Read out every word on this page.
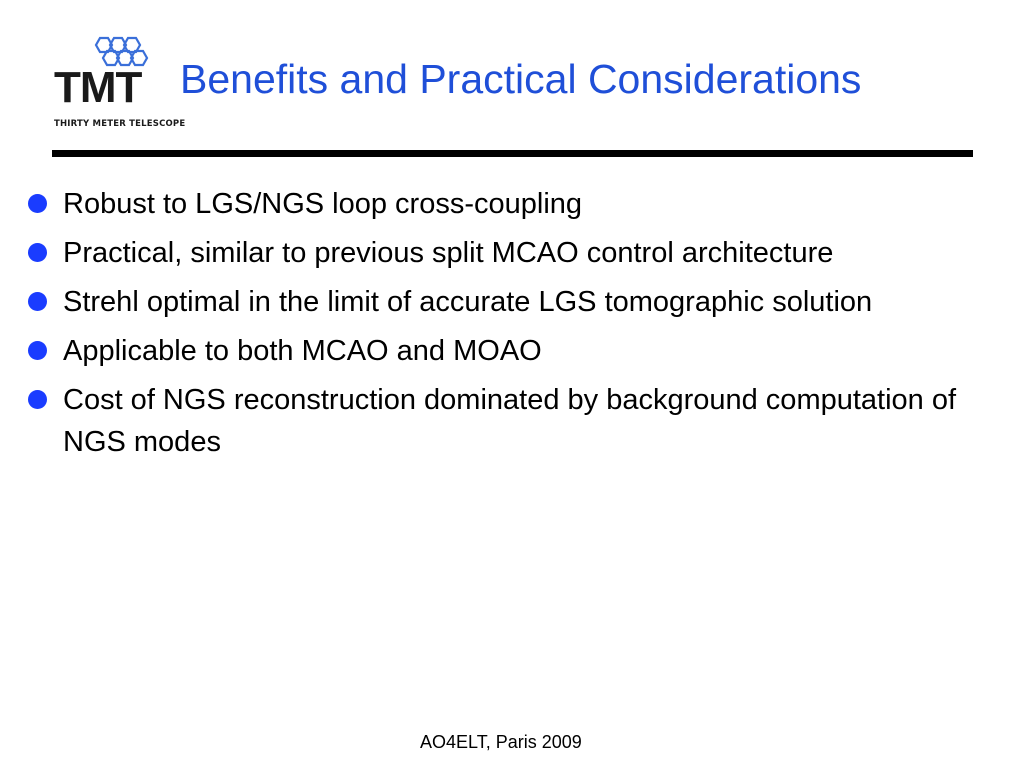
TMT
THIRTY METER TELESCOPE
Benefits and Practical Considerations
Robust to LGS/NGS loop cross-coupling
Practical, similar to previous split MCAO control architecture
Strehl optimal in the limit of accurate LGS tomographic solution
Applicable to both MCAO and MOAO
Cost of NGS reconstruction dominated by background computation of NGS modes
AO4ELT, Paris 2009
